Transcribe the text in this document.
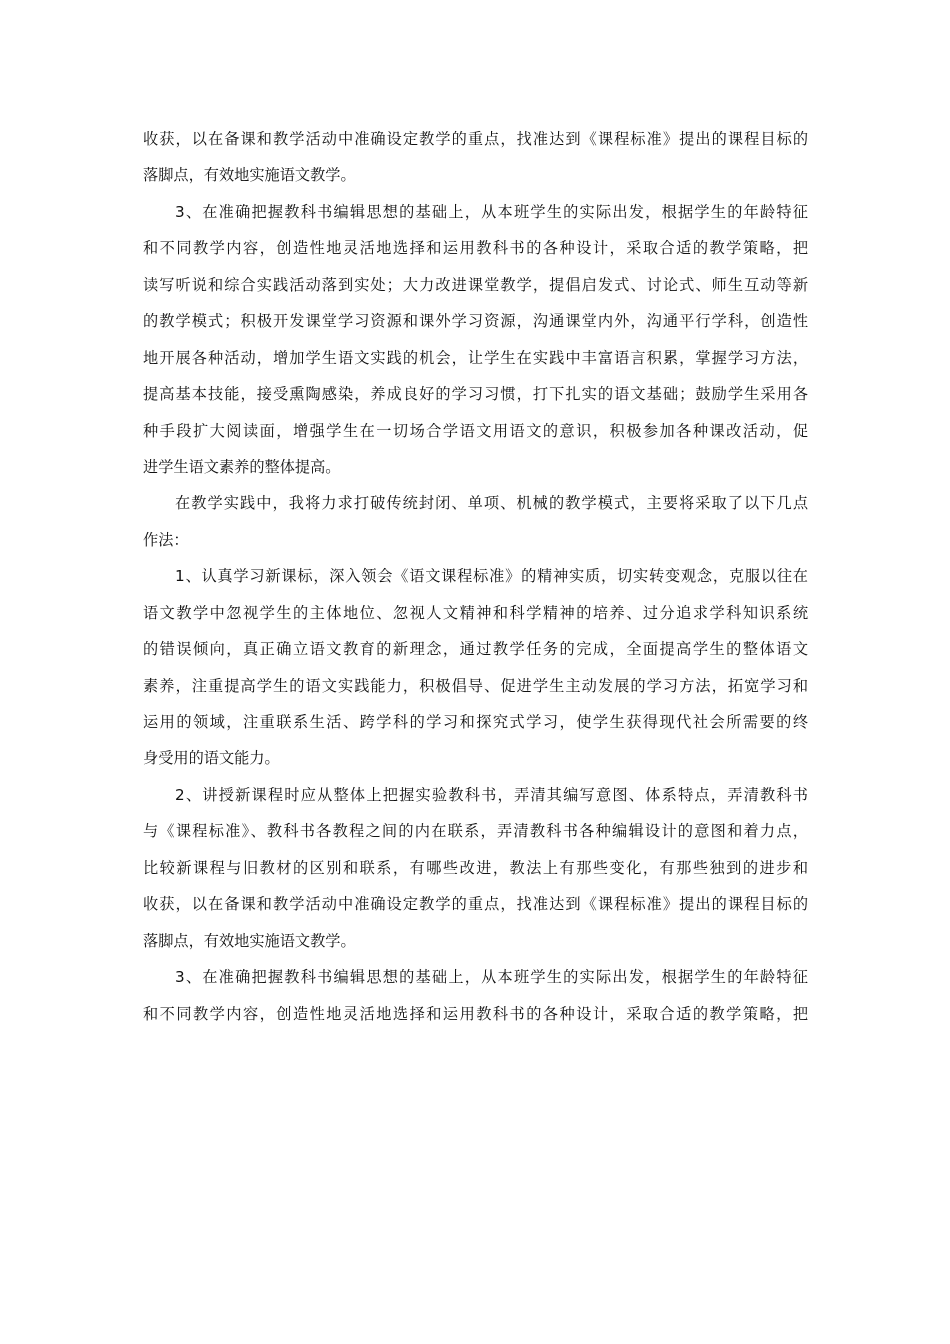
收获，以在备课和教学活动中准确设定教学的重点，找准达到《课程标准》提出的课程目标的
落脚点，有效地实施语文教学。
3、在准确把握教科书编辑思想的基础上，从本班学生的实际出发，根据学生的年龄特征
和不同教学内容，创造性地灵活地选择和运用教科书的各种设计，采取合适的教学策略，把
读写听说和综合实践活动落到实处；大力改进课堂教学，提倡启发式、讨论式、师生互动等新
的教学模式；积极开发课堂学习资源和课外学习资源，沟通课堂内外，沟通平行学科，创造性
地开展各种活动，增加学生语文实践的机会，让学生在实践中丰富语言积累，掌握学习方法，
提高基本技能，接受熏陶感染，养成良好的学习习惯，打下扎实的语文基础；鼓励学生采用各
种手段扩大阅读面，增强学生在一切场合学语文用语文的意识，积极参加各种课改活动，促
进学生语文素养的整体提高。
在教学实践中，我将力求打破传统封闭、单项、机械的教学模式，主要将采取了以下几点
作法：
1、认真学习新课标，深入领会《语文课程标准》的精神实质，切实转变观念，克服以往在
语文教学中忽视学生的主体地位、忽视人文精神和科学精神的培养、过分追求学科知识系统
的错误倾向，真正确立语文教育的新理念，通过教学任务的完成，全面提高学生的整体语文
素养，注重提高学生的语文实践能力，积极倡导、促进学生主动发展的学习方法，拓宽学习和
运用的领域，注重联系生活、跨学科的学习和探究式学习，使学生获得现代社会所需要的终
身受用的语文能力。
2、讲授新课程时应从整体上把握实验教科书，弄清其编写意图、体系特点，弄清教科书
与《课程标准》、教科书各教程之间的内在联系，弄清教科书各种编辑设计的意图和着力点，
比较新课程与旧教材的区别和联系，有哪些改进，教法上有那些变化，有那些独到的进步和
收获，以在备课和教学活动中准确设定教学的重点，找准达到《课程标准》提出的课程目标的
落脚点，有效地实施语文教学。
3、在准确把握教科书编辑思想的基础上，从本班学生的实际出发，根据学生的年龄特征
和不同教学内容，创造性地灵活地选择和运用教科书的各种设计，采取合适的教学策略，把
